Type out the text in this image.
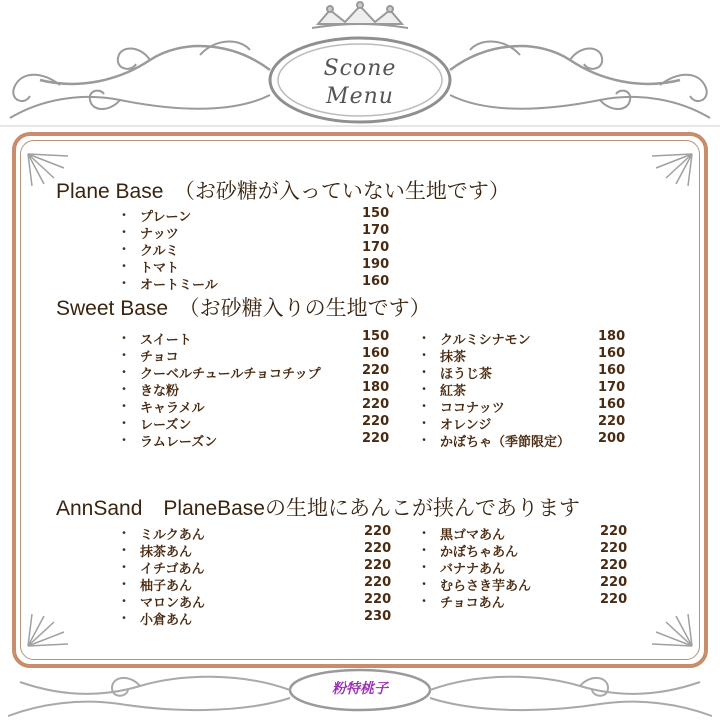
Scone
Menu
Plane Base　（お砂糖が入っていない生地です）
Sweet Base　（お砂糖入りの生地です）
AnnSand　PlaneBaseの生地にあんこが挟んであります
・ プレーン	150
・ ナッツ	170
・ クルミ	170
・ トマト	190
・ オートミール	160
・ スイート	150
・ チョコ	160
・ クーベルチュールチョコチップ	220
・ きな粉	180
・ キャラメル	220
・ レーズン	220
・ ラムレーズン	220
・ クルミシナモン	180
・ 抹茶	160
・ ほうじ茶	160
・ 紅茶	170
・ ココナッツ	160
・ オレンジ	220
・ かぼちゃ（季節限定） 200
・ ミルクあん	220
・ 抹茶あん	220
・ イチゴあん	220
・ 柚子あん	220
・ マロンあん	220
・ 小倉あん	230
・ 黒ゴマあん	220
・ かぼちゃあん	220
・ バナナあん	220
・ むらさき芋あん	220
・ チョコあん	220
粉特桃子
